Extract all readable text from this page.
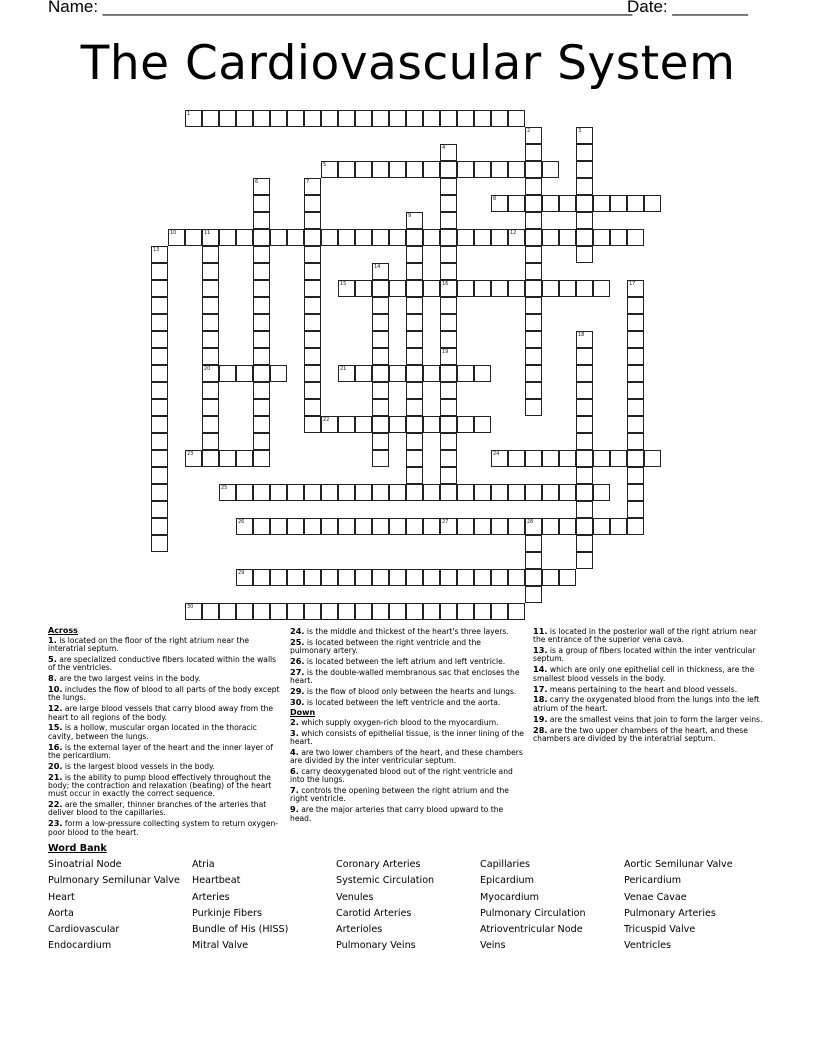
Name: ________________________________________________________
Date: ________
The Cardiovascular System
1
2	3
4
16
19
5
6	7
8
9
10	11
20
12
13
14
15	17
18
21
22
23	24
25
26	27	28
29
30
Across

1. is located on the floor of the right atrium near the interatrial septum.

5. are specialized conductive fibers located within the walls of the ventricles.

8. are the two largest veins in the body.

10. includes the flow of blood to all parts of the body except the lungs.

12. are large blood vessels that carry blood away from the heart to all regions of the body.

15. is a hollow, muscular organ located in the thoracic cavity, between the lungs.

16. is the external layer of the heart and the inner layer of the pericardium.

20. is the largest blood vessels in the body.

21. is the ability to pump blood effectively throughout the body; the contraction and relaxation (beating) of the heart must occur in exactly the correct sequence.

22. are the smaller, thinner branches of the arteries that deliver blood to the capillaries.

23. form a low-pressure collecting system to return oxygen-poor blood to the heart.

24. is the middle and thickest of the heart's three layers.

25. is located between the right ventricle and the pulmonary artery.

26. is located between the left atrium and left ventricle.

27. is the double-walled membranous sac that encloses the heart.

29. is the flow of blood only between the hearts and lungs.

30. is located between the left ventricle and the aorta.

Down

2. which supply oxygen-rich blood to the myocardium.

3. which consists of epithelial tissue, is the inner lining of the heart.

4. are two lower chambers of the heart, and these chambers are divided by the inter ventricular septum.

6. carry deoxygenated blood out of the right ventricle and into the lungs.

7. controls the opening between the right atrium and the right ventricle.

9. are the major arteries that carry blood upward to the head.

11. is located in the posterior wall of the right atrium near the entrance of the superior vena cava.

13. is a group of fibers located within the inter ventricular septum.

14. which are only one epithelial cell in thickness, are the smallest blood vessels in the body.

17. means pertaining to the heart and blood vessels.

18. carry the oxygenated blood from the lungs into the left atrium of the heart.

19. are the smallest veins that join to form the larger veins.

28. are the two upper chambers of the heart, and these chambers are divided by the interatrial septum.

Word Bank
Sinoatrial Node	Atria	Coronary Arteries	Capillaries	Aortic Semilunar Valve
Pulmonary Semilunar Valve	Heartbeat	Systemic Circulation	Epicardium	Pericardium
Heart	Arteries	Venules	Myocardium	Venae Cavae
Aorta	Purkinje Fibers	Carotid Arteries	Pulmonary Circulation	Pulmonary Arteries
Cardiovascular	Bundle of His (HISS)	Arterioles	Atrioventricular Node	Tricuspid Valve
Endocardium	Mitral Valve	Pulmonary Veins	Veins	Ventricles
